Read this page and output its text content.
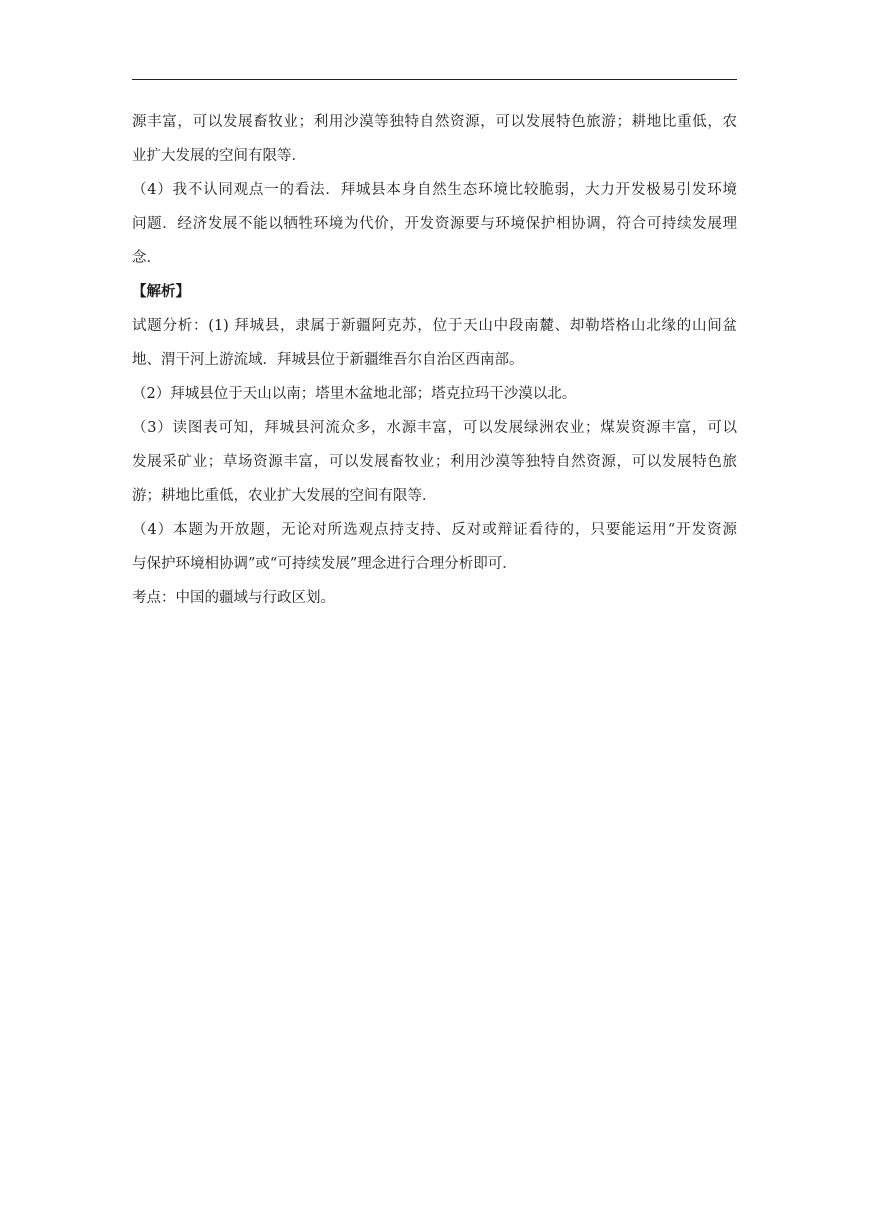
源丰富，可以发展畜牧业；利用沙漠等独特自然资源，可以发展特色旅游；耕地比重低，农
业扩大发展的空间有限等．
（4）我不认同观点一的看法．拜城县本身自然生态环境比较脆弱，大力开发极易引发环境
问题．经济发展不能以牺牲环境为代价，开发资源要与环境保护相协调，符合可持续发展理
念．
【解析】
试题分析：(1) 拜城县，隶属于新疆阿克苏，位于天山中段南麓、却勒塔格山北缘的山间盆
地、渭干河上游流域．拜城县位于新疆维吾尔自治区西南部。
（2）拜城县位于天山以南；塔里木盆地北部；塔克拉玛干沙漠以北。
（3）读图表可知，拜城县河流众多，水源丰富，可以发展绿洲农业；煤炭资源丰富，可以
发展采矿业；草场资源丰富，可以发展畜牧业；利用沙漠等独特自然资源，可以发展特色旅
游；耕地比重低，农业扩大发展的空间有限等．
（4）本题为开放题，无论对所选观点持支持、反对或辩证看待的，只要能运用“开发资源
与保护环境相协调”或“可持续发展”理念进行合理分析即可．
考点：中国的疆域与行政区划。
